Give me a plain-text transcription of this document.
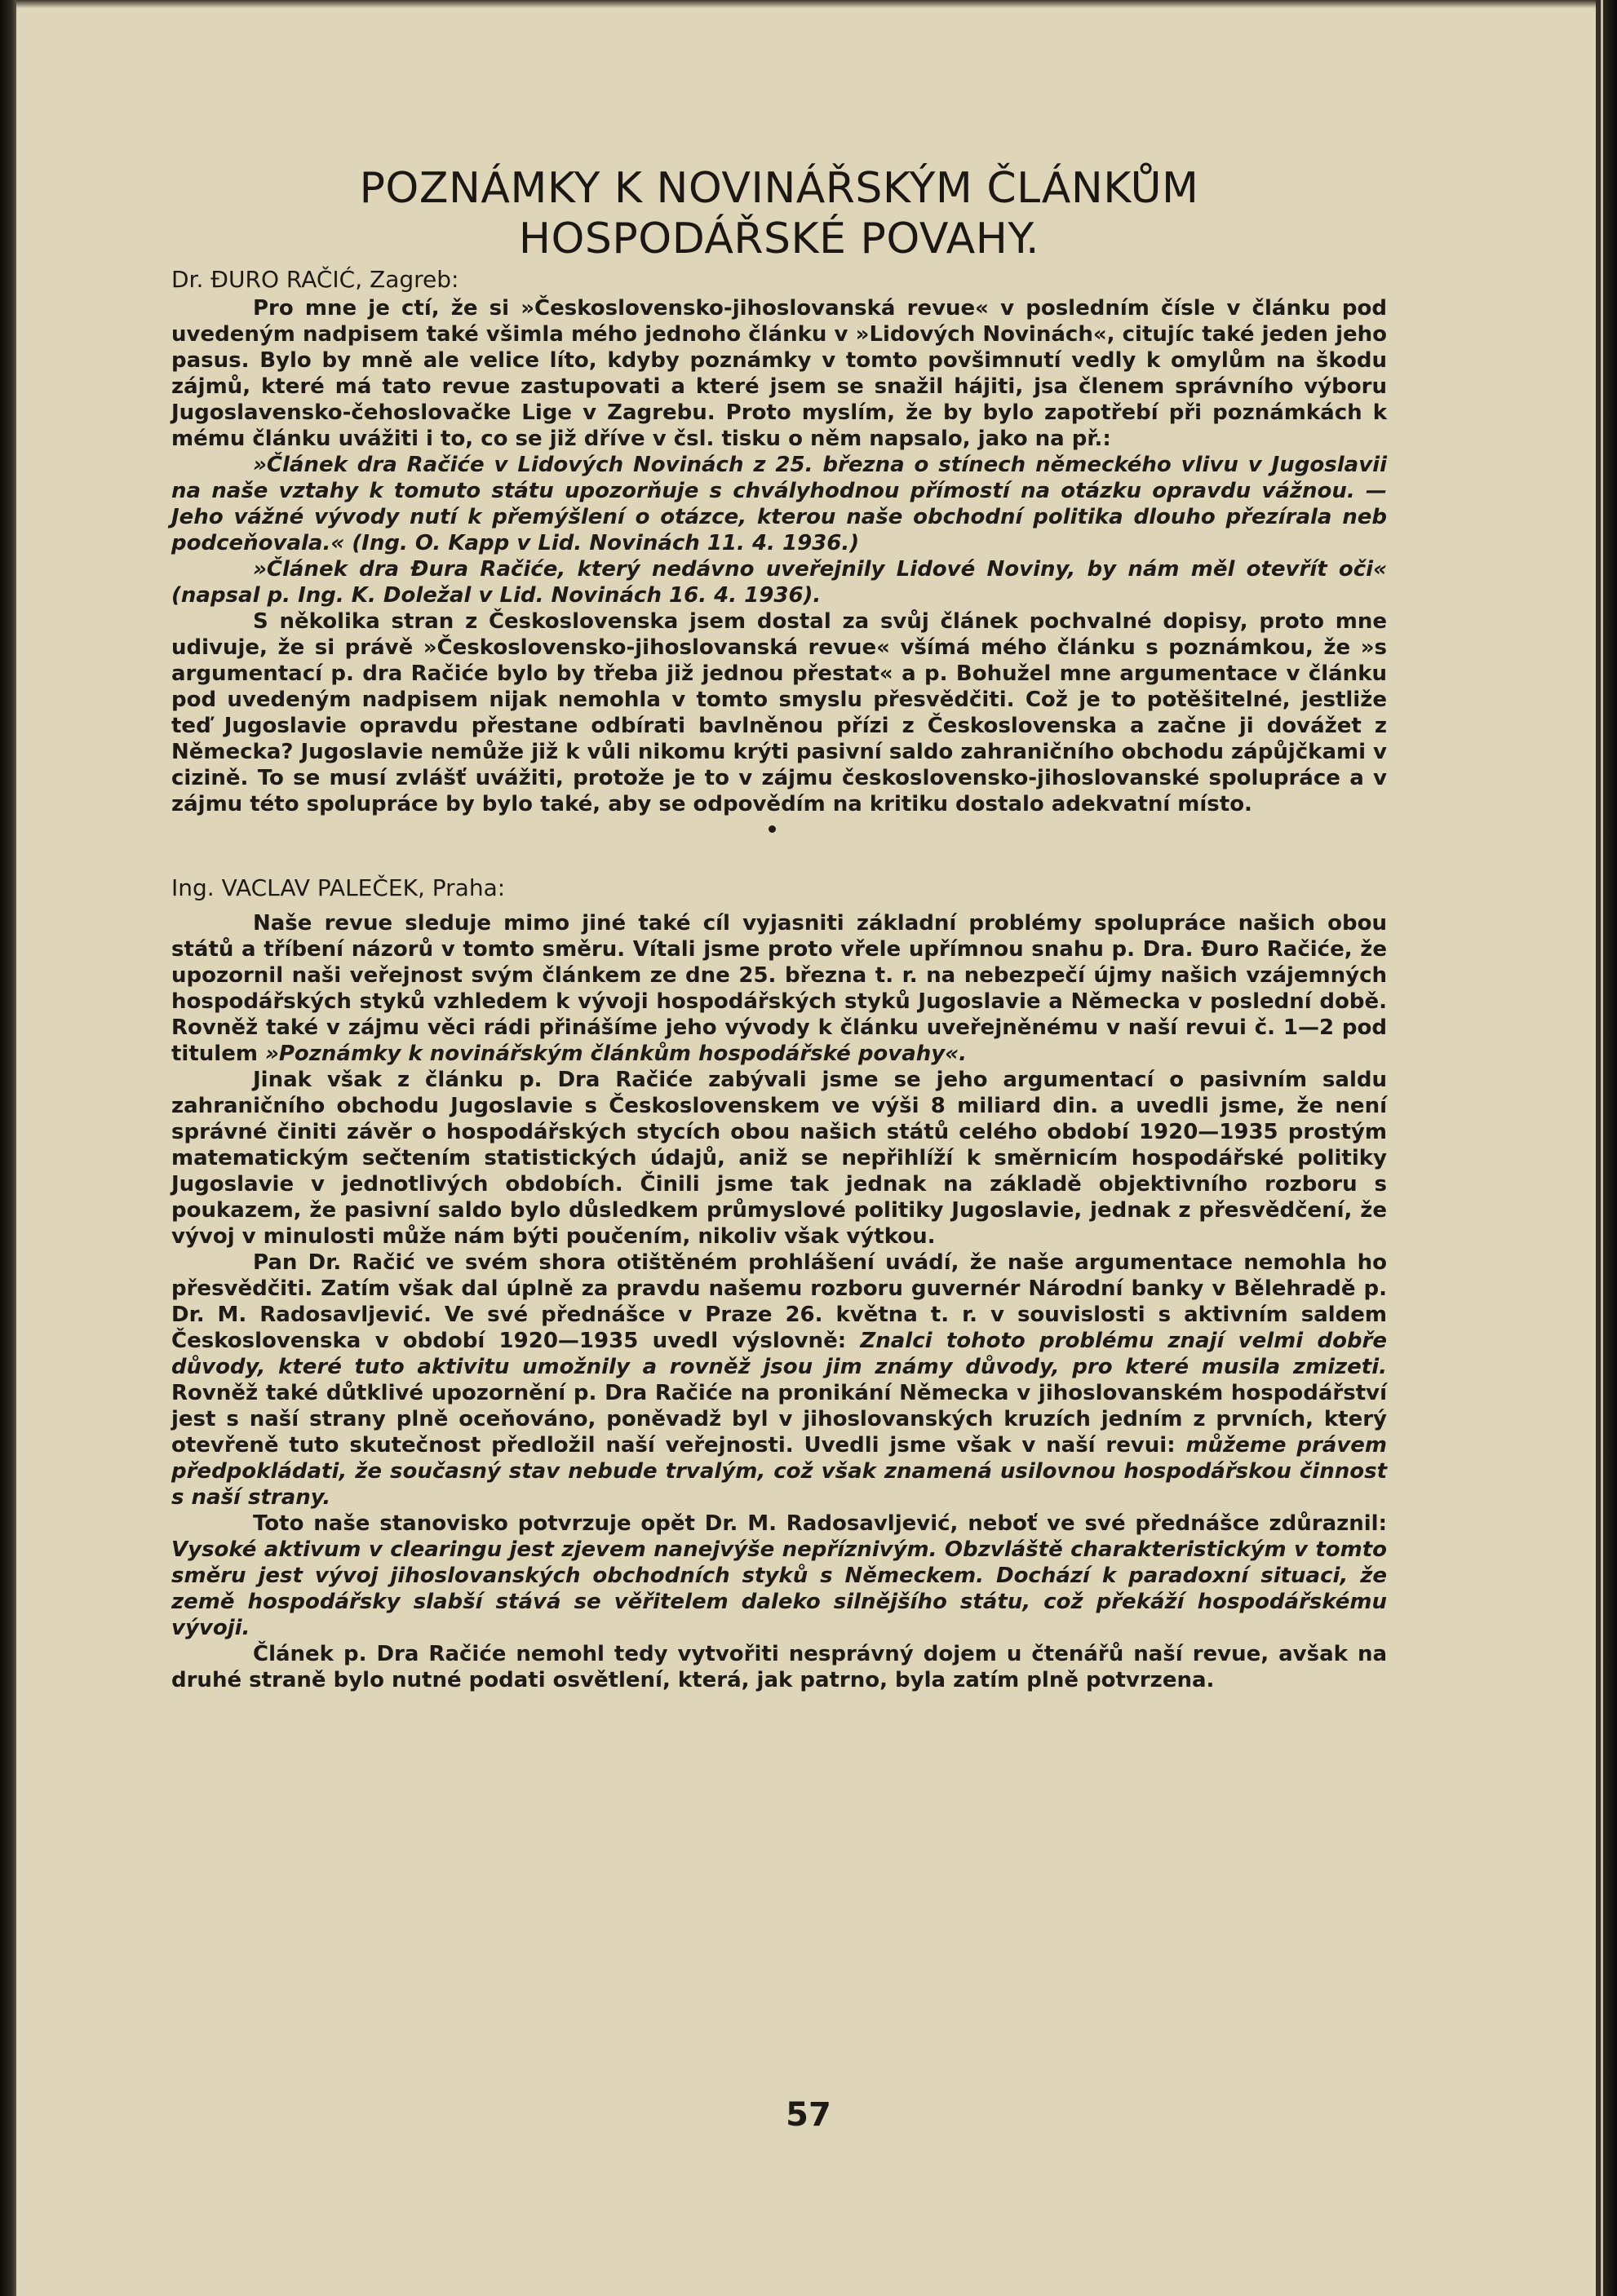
POZNÁMKY K NOVINÁŘSKÝM ČLÁNKŮM
HOSPODÁŘSKÉ POVAHY.

Dr. ĐURO RAČIĆ, Zagreb:

Pro mne je ctí, že si »Československo-jihoslovanská revue« v posledním čísle v článku pod uvedeným nadpisem také všimla mého jednoho článku v »Lidových Novinách«, citujíc také jeden jeho pasus. Bylo by mně ale velice líto, kdyby poznámky v tomto povšimnutí vedly k omylům na škodu zájmů, které má tato revue zastupovati a které jsem se snažil hájiti, jsa členem správního výboru Jugoslavensko-čehoslovačke Lige v Zagrebu. Proto myslím, že by bylo zapotřebí při poznámkách k mému článku uvážiti i to, co se již dříve v čsl. tisku o něm napsalo, jako na př.:

»Článek dra Račiće v Lidových Novinách z 25. března o stínech německého vlivu v Jugoslavii na naše vztahy k tomuto státu upozorňuje s chvályhodnou přímostí na otázku opravdu vážnou. — Jeho vážné vývody nutí k přemýšlení o otázce, kterou naše obchodní politika dlouho přezírala neb podceňovala.« (Ing. O. Kapp v Lid. Novinách 11. 4. 1936.)

»Článek dra Đura Račiće, který nedávno uveřejnily Lidové Noviny, by nám měl otevřít oči« (napsal p. Ing. K. Doležal v Lid. Novinách 16. 4. 1936).

S několika stran z Československa jsem dostal za svůj článek pochvalné dopisy, proto mne udivuje, že si právě »Československo-jihoslovanská revue« všímá mého článku s poznámkou, že »s argumentací p. dra Račiće bylo by třeba již jednou přestat« a p. Bohužel mne argumentace v článku pod uvedeným nadpisem nijak nemohla v tomto smyslu přesvědčiti. Což je to potěšitelné, jestliže teď Jugoslavie opravdu přestane odbírati bavlněnou přízi z Československa a začne ji dovážet z Německa? Jugoslavie nemůže již k vůli nikomu krýti pasivní saldo zahraničního obchodu zápůjčkami v cizině. To se musí zvlášť uvážiti, protože je to v zájmu československo-jihoslovanské spolupráce a v zájmu této spolupráce by bylo také, aby se odpovědím na kritiku dostalo adekvatní místo.

Ing. VACLAV PALEČEK, Praha:

Naše revue sleduje mimo jiné také cíl vyjasniti základní problémy spolupráce našich obou států a tříbení názorů v tomto směru. Vítali jsme proto vřele upřímnou snahu p. Dra. Đuro Račiće, že upozornil naši veřejnost svým článkem ze dne 25. března t. r. na nebezpečí újmy našich vzájemných hospodářských styků vzhledem k vývoji hospodářských styků Jugoslavie a Německa v poslední době. Rovněž také v zájmu věci rádi přinášíme jeho vývody k článku uveřejněnému v naší revui č. 1—2 pod titulem »Poznámky k novinářským článkům hospodářské povahy«.

Jinak však z článku p. Dra Račiće zabývali jsme se jeho argumentací o pasivním saldu zahraničního obchodu Jugoslavie s Československem ve výši 8 miliard din. a uvedli jsme, že není správné činiti závěr o hospodářských stycích obou našich států celého období 1920—1935 prostým matematickým sečtením statistických údajů, aniž se nepřihlíží k směrnicím hospodářské politiky Jugoslavie v jednotlivých obdobích. Činili jsme tak jednak na základě objektivního rozboru s poukazem, že pasivní saldo bylo důsledkem průmyslové politiky Jugoslavie, jednak z přesvědčení, že vývoj v minulosti může nám býti poučením, nikoliv však výtkou.

Pan Dr. Račić ve svém shora otištěném prohlášení uvádí, že naše argumentace nemohla ho přesvědčiti. Zatím však dal úplně za pravdu našemu rozboru guvernér Národní banky v Bělehradě p. Dr. M. Radosavljević. Ve své přednášce v Praze 26. května t. r. v souvislosti s aktivním saldem Československa v období 1920—1935 uvedl výslovně: Znalci tohoto problému znají velmi dobře důvody, které tuto aktivitu umožnily a rovněž jsou jim známy důvody, pro které musila zmizeti. Rovněž také důtklivé upozornění p. Dra Račiće na pronikání Německa v jihoslovanském hospodářství jest s naší strany plně oceňováno, poněvadž byl v jihoslovanských kruzích jedním z prvních, který otevřeně tuto skutečnost předložil naší veřejnosti. Uvedli jsme však v naší revui: můžeme právem předpokládati, že současný stav nebude trvalým, což však znamená usilovnou hospodářskou činnost s naší strany.

Toto naše stanovisko potvrzuje opět Dr. M. Radosavljević, neboť ve své přednášce zdůraznil: Vysoké aktivum v clearingu jest zjevem nanejvýše nepříznivým. Obzvláště charakteristickým v tomto směru jest vývoj jihoslovanských obchodních styků s Německem. Dochází k paradoxní situaci, že země hospodářsky slabší stává se věřitelem daleko silnějšího státu, což překáží hospodářskému vývoji.

Článek p. Dra Račiće nemohl tedy vytvořiti nesprávný dojem u čtenářů naší revue, avšak na druhé straně bylo nutné podati osvětlení, která, jak patrno, byla zatím plně potvrzena.

57
